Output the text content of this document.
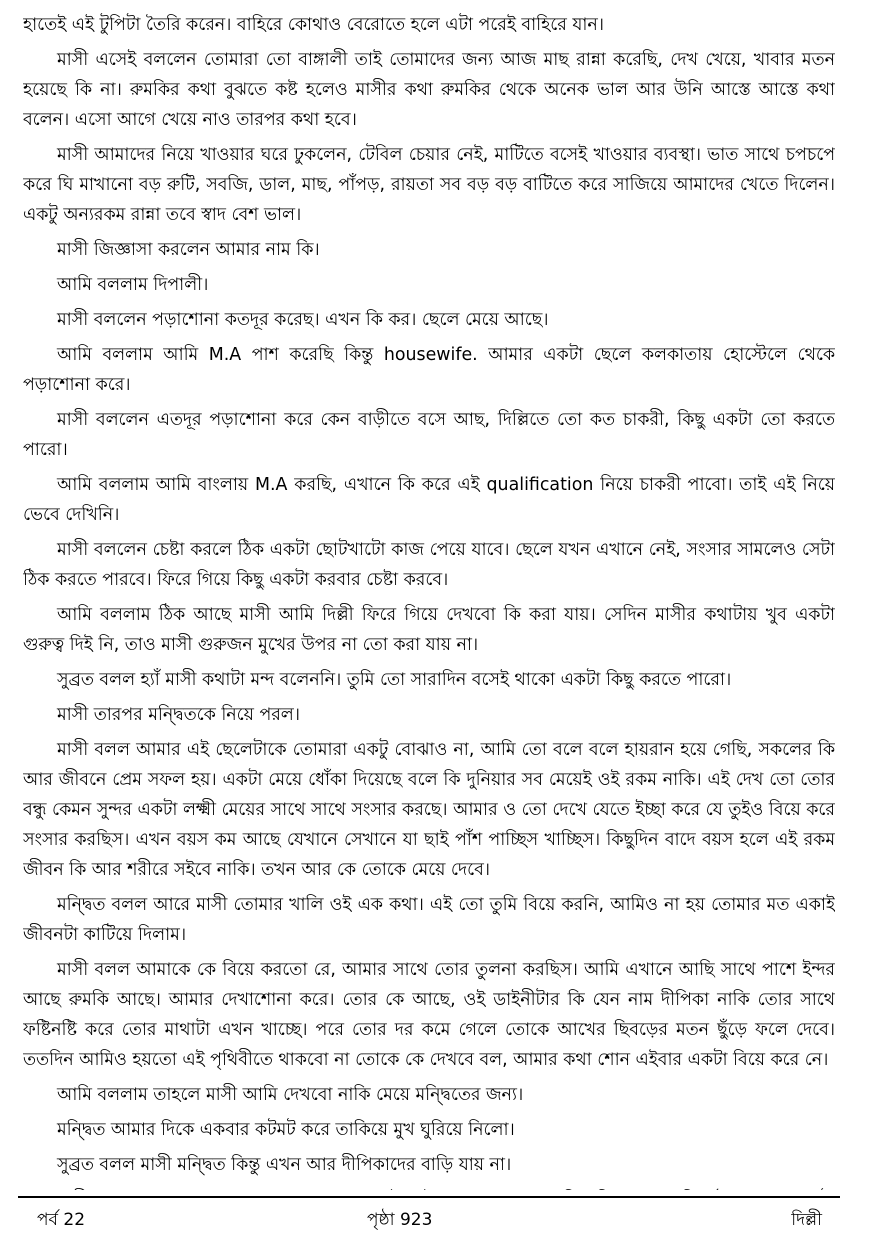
হাতেই এই টুপিটা তৈরি করেন। বাহিরে কোথাও বেরোতে হলে এটা পরেই বাহিরে যান।

মাসী এসেই বললেন তোমারা তো বাঙ্গালী তাই তোমাদের জন্য আজ মাছ রান্না করেছি, দেখ খেয়ে, খাবার মতন হয়েছে কি না। রুমকির কথা বুঝতে কষ্ট হলেও মাসীর কথা রুমকির থেকে অনেক ভাল আর উনি আস্তে আস্তে কথা বলেন। এসো আগে খেয়ে নাও তারপর কথা হবে।

মাসী আমাদের নিয়ে খাওয়ার ঘরে ঢুকলেন, টেবিল চেয়ার নেই, মাটিতে বসেই খাওয়ার ব্যবস্থা। ভাত সাথে চপচপে করে ঘি মাখানো বড় রুটি, সবজি, ডাল, মাছ, পাঁপড়, রায়তা সব বড় বড় বাটিতে করে সাজিয়ে আমাদের খেতে দিলেন। একটু অন্যরকম রান্না তবে স্বাদ বেশ ভাল।

মাসী জিজ্ঞাসা করলেন আমার নাম কি।

আমি বললাম দিপালী।

মাসী বললেন পড়াশোনা কতদূর করেছ। এখন কি কর। ছেলে মেয়ে আছে।

আমি বললাম আমি M.A পাশ করেছি কিন্তু housewife. আমার একটা ছেলে কলকাতায় হোস্টেলে থেকে পড়াশোনা করে।

মাসী বললেন এতদূর পড়াশোনা করে কেন বাড়ীতে বসে আছ, দিল্লিতে তো কত চাকরী, কিছু একটা তো করতে পারো।

আমি বললাম আমি বাংলায় M.A করছি, এখানে কি করে এই qualification নিয়ে চাকরী পাবো। তাই এই নিয়ে ভেবে দেখিনি।

মাসী বললেন চেষ্টা করলে ঠিক একটা ছোটখাটো কাজ পেয়ে যাবে। ছেলে যখন এখানে নেই, সংসার সামলেও সেটা ঠিক করতে পারবে। ফিরে গিয়ে কিছু একটা করবার চেষ্টা করবে।

আমি বললাম ঠিক আছে মাসী আমি দিল্লী ফিরে গিয়ে দেখবো কি করা যায়। সেদিন মাসীর কথাটায় খুব একটা গুরুত্ব দিই নি, তাও মাসী গুরুজন মুখের উপর না তো করা যায় না।

সুব্রত বলল হ্যাঁ মাসী কথাটা মন্দ বলেননি। তুমি তো সারাদিন বসেই থাকো একটা কিছু করতে পারো।

মাসী তারপর মন্দ্বিতকে নিয়ে পরল।

মাসী বলল আমার এই ছেলেটাকে তোমারা একটু বোঝাও না, আমি তো বলে বলে হায়রান হয়ে গেছি, সকলের কি আর জীবনে প্রেম সফল হয়। একটা মেয়ে ধোঁকা দিয়েছে বলে কি দুনিয়ার সব মেয়েই ওই রকম নাকি। এই দেখ তো তোর বন্ধু কেমন সুন্দর একটা লক্ষ্মী মেয়ের সাথে সাথে সংসার করছে। আমার ও তো দেখে যেতে ইচ্ছা করে যে তুইও বিয়ে করে সংসার করছিস। এখন বয়স কম আছে যেখানে সেখানে যা ছাই পাঁশ পাচ্ছিস খাচ্ছিস। কিছুদিন বাদে বয়স হলে এই রকম জীবন কি আর শরীরে সইবে নাকি। তখন আর কে তোকে মেয়ে দেবে।

মন্দ্বিত বলল আরে মাসী তোমার খালি ওই এক কথা। এই তো তুমি বিয়ে করনি, আমিও না হয় তোমার মত একাই জীবনটা কাটিয়ে দিলাম।

মাসী বলল আমাকে কে বিয়ে করতো রে, আমার সাথে তোর তুলনা করছিস। আমি এখানে আছি সাথে পাশে ইন্দর আছে রুমকি আছে। আমার দেখাশোনা করে। তোর কে আছে, ওই ডাইনীটার কি যেন নাম দীপিকা নাকি তোর সাথে ফষ্টিনষ্টি করে তোর মাথাটা এখন খাচ্ছে। পরে তোর দর কমে গেলে তোকে আখের ছিবড়ের মতন ছুঁড়ে ফলে দেবে। ততদিন আমিও হয়তো এই পৃথিবীতে থাকবো না তোকে কে দেখবে বল, আমার কথা শোন এইবার একটা বিয়ে করে নে।

আমি বললাম তাহলে মাসী আমি দেখবো নাকি মেয়ে মন্দ্বিতের জন্য।

মন্দ্বিত আমার দিকে একবার কটমট করে তাকিয়ে মুখ ঘুরিয়ে নিলো।

সুব্রত বলল মাসী মন্দ্বিত কিন্তু এখন আর দীপিকাদের বাড়ি যায় না।

পর্ব 22	পৃষ্ঠা 923	দিল্লী
